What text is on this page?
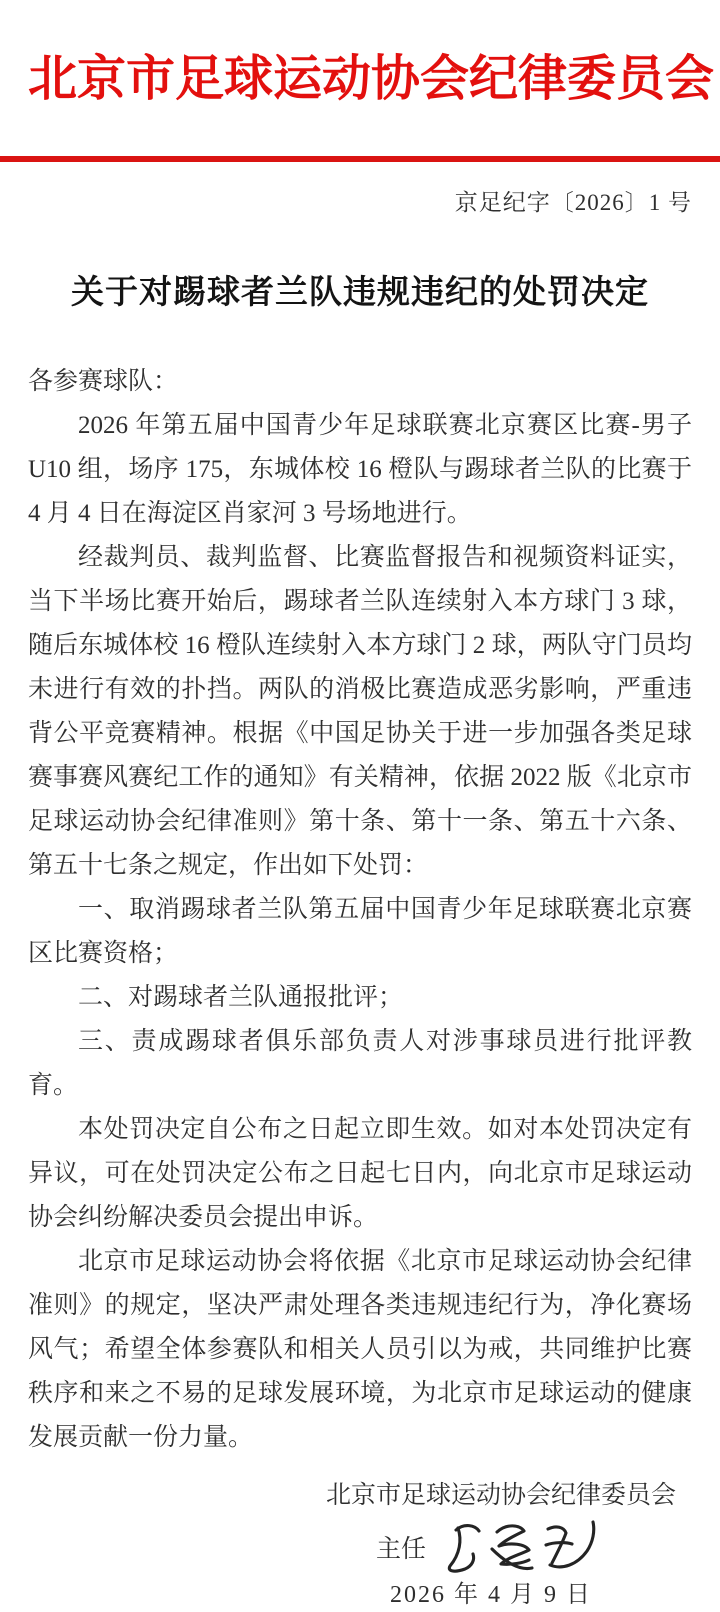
北京市足球运动协会纪律委员会
京足纪字〔2026〕1 号
关于对踢球者兰队违规违纪的处罚决定

各参赛球队：

2026 年第五届中国青少年足球联赛北京赛区比赛-男子 U10 组，场序 175，东城体校 16 橙队与踢球者兰队的比赛于 4 月 4 日在海淀区肖家河 3 号场地进行。

经裁判员、裁判监督、比赛监督报告和视频资料证实，当下半场比赛开始后，踢球者兰队连续射入本方球门 3 球，随后东城体校 16 橙队连续射入本方球门 2 球，两队守门员均未进行有效的扑挡。两队的消极比赛造成恶劣影响，严重违背公平竞赛精神。根据《中国足协关于进一步加强各类足球赛事赛风赛纪工作的通知》有关精神，依据 2022 版《北京市足球运动协会纪律准则》第十条、第十一条、第五十六条、第五十七条之规定，作出如下处罚：

一、取消踢球者兰队第五届中国青少年足球联赛北京赛区比赛资格；

二、对踢球者兰队通报批评；

三、责成踢球者俱乐部负责人对涉事球员进行批评教育。

本处罚决定自公布之日起立即生效。如对本处罚决定有异议，可在处罚决定公布之日起七日内，向北京市足球运动协会纠纷解决委员会提出申诉。

北京市足球运动协会将依据《北京市足球运动协会纪律准则》的规定，坚决严肃处理各类违规违纪行为，净化赛场风气；希望全体参赛队和相关人员引以为戒，共同维护比赛秩序和来之不易的足球发展环境，为北京市足球运动的健康发展贡献一份力量。

北京市足球运动协会纪律委员会
主任
2026 年 4 月 9 日
